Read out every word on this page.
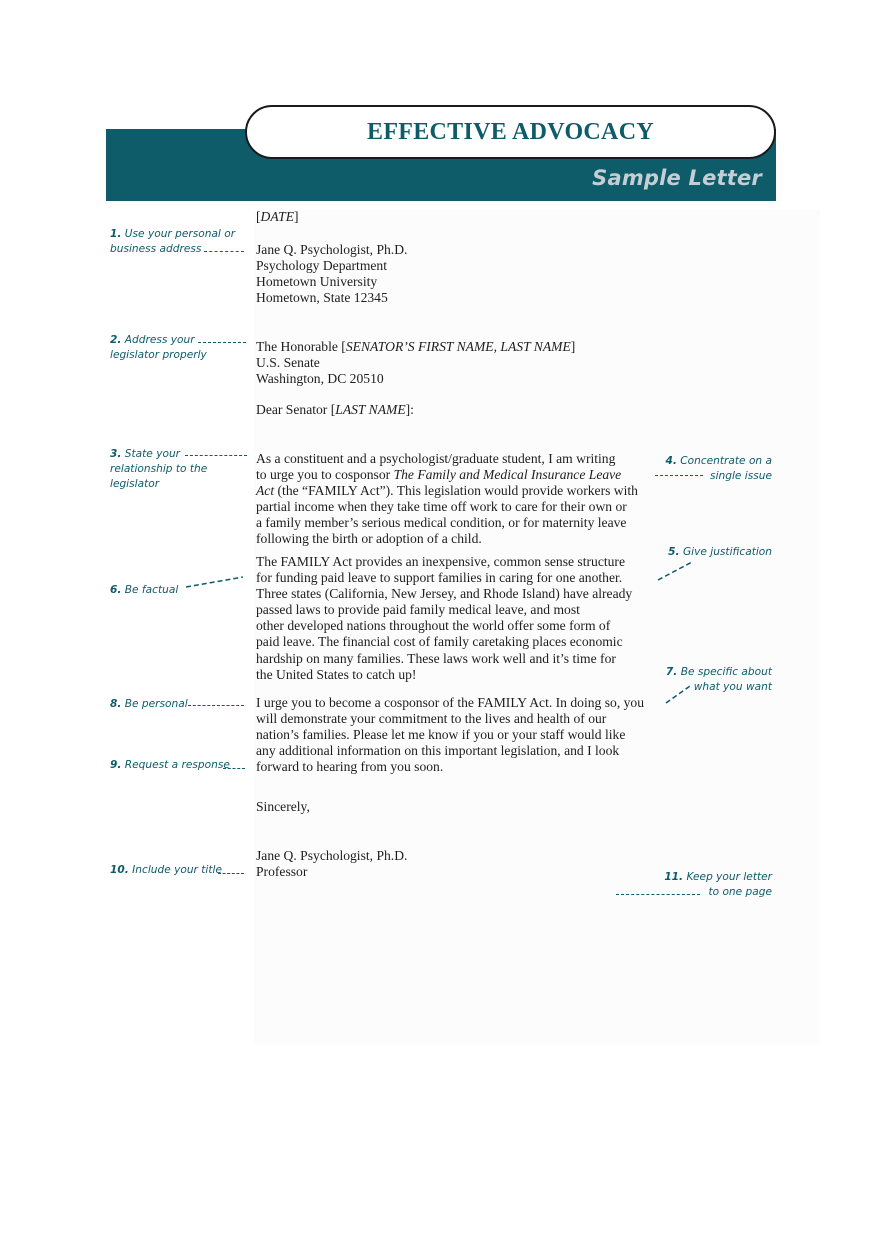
Sample Letter
EFFECTIVE ADVOCACY
[DATE]
Jane Q. Psychologist, Ph.D.
Psychology Department
Hometown University
Hometown, State 12345
The Honorable [SENATOR’S FIRST NAME, LAST NAME]
U.S. Senate
Washington, DC 20510
Dear Senator [LAST NAME]:
As a constituent and a psychologist/graduate student, I am writing
to urge you to cosponsor The Family and Medical Insurance Leave
Act (the “FAMILY Act”). This legislation would provide workers with
partial income when they take time off work to care for their own or
a family member’s serious medical condition, or for maternity leave
following the birth or adoption of a child.
The FAMILY Act provides an inexpensive, common sense structure
for funding paid leave to support families in caring for one another.
Three states (California, New Jersey, and Rhode Island) have already
passed laws to provide paid family medical leave, and most
other developed nations throughout the world offer some form of
paid leave. The financial cost of family caretaking places economic
hardship on many families. These laws work well and it’s time for
the United States to catch up!
I urge you to become a cosponsor of the FAMILY Act. In doing so, you
will demonstrate your commitment to the lives and health of our
nation’s families. Please let me know if you or your staff would like
any additional information on this important legislation, and I look
forward to hearing from you soon.
Sincerely,
Jane Q. Psychologist, Ph.D.
Professor
1. Use your personal or
business address
2. Address your
legislator properly
3. State your
relationship to the
legislator
6. Be factual
8. Be personal
9. Request a response
10. Include your title
4. Concentrate on a
single issue
5. Give justification
7. Be specific about
what you want
11. Keep your letter
to one page
